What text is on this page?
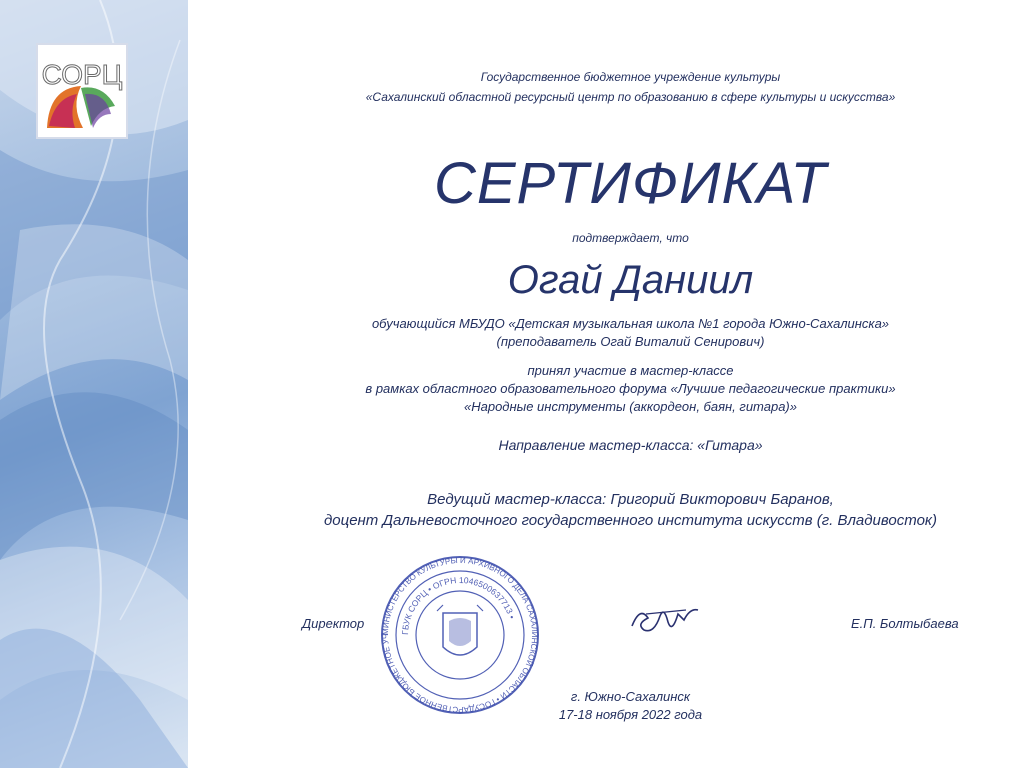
СОРЦ	Государственное бюджетное учреждение культуры
«Сахалинский областной ресурсный центр по образованию в сфере культуры и искусства»
СЕРТИФИКАТ
подтверждает, что
Огай Даниил
обучающийся МБУДО «Детская музыкальная школа №1 города Южно-Сахалинска»
(преподаватель Огай Виталий Сенирович)
принял участие в мастер-классе
в рамках областного образовательного форума «Лучшие педагогические практики»
«Народные инструменты (аккордеон, баян, гитара)»
Направление мастер-класса: «Гитара»
Ведущий мастер-класса: Григорий Викторович Баранов,
доцент Дальневосточного государственного института искусств (г. Владивосток)
Директор
МИНИСТЕРСТВО КУЛЬТУРЫ И АРХИВНОГО ДЕЛА САХАЛИНСКОЙ ОБЛАСТИ • ГОСУДАРСТВЕННОЕ БЮДЖЕТНОЕ УЧ
ГБУК СОРЦ • ОГРН 1046500637713 •	Е.П. Болтыбаева
г. Южно-Сахалинск
17-18 ноября 2022 года
